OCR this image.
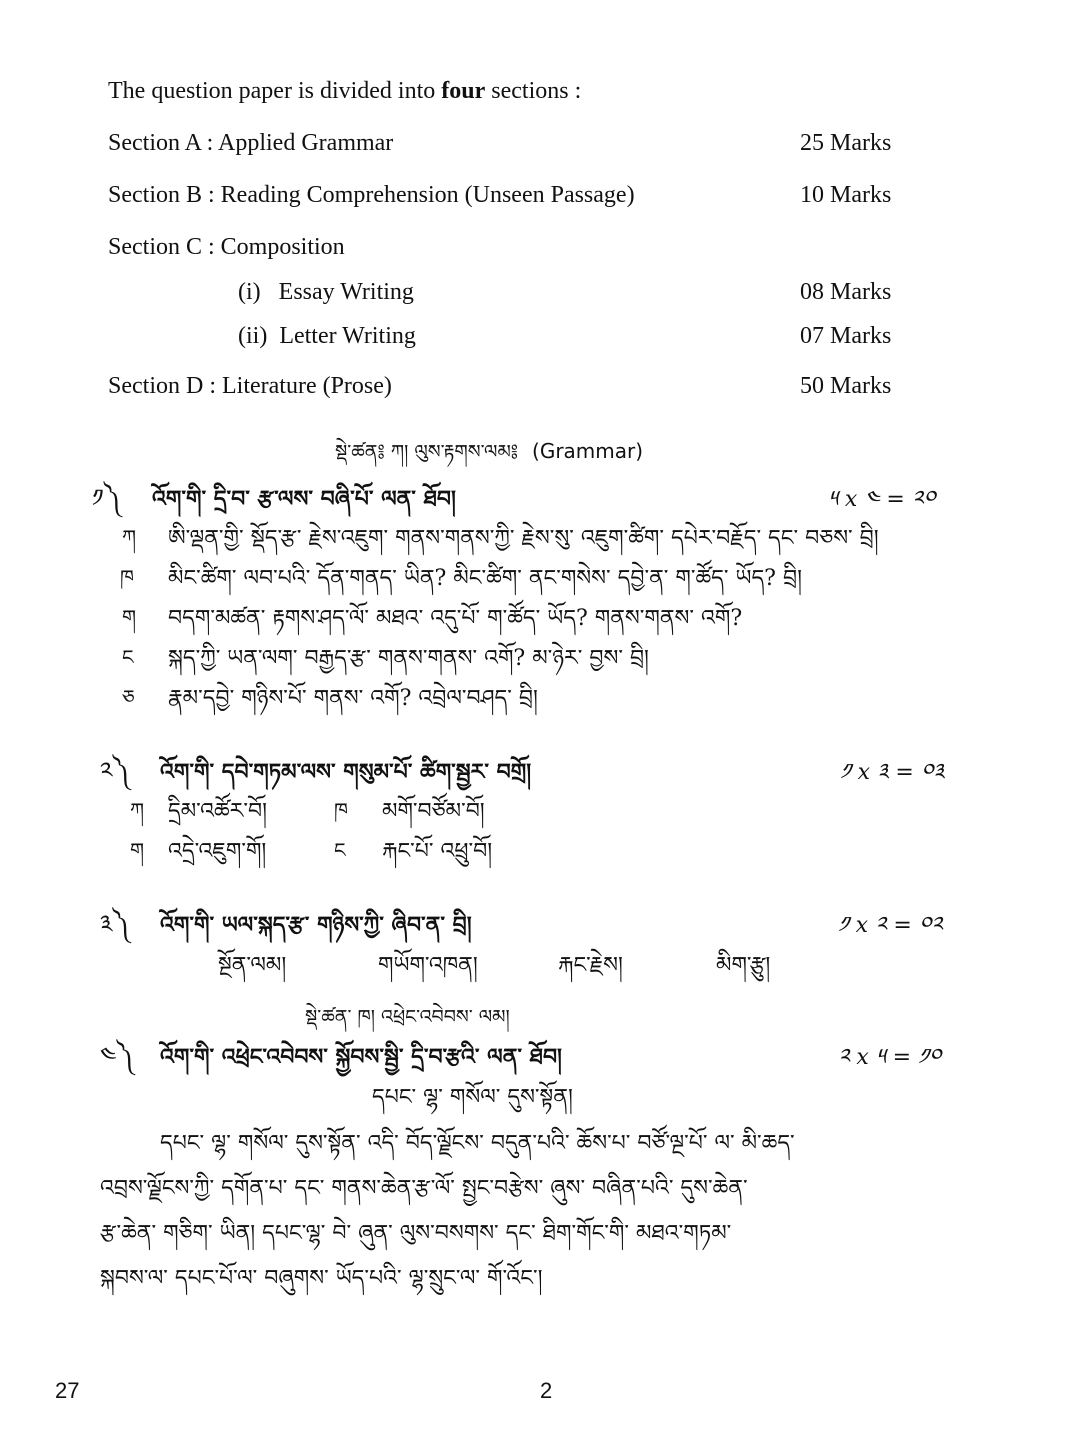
The question paper is divided into four sections :
Section A : Applied Grammar	25 Marks
Section B : Reading Comprehension (Unseen Passage)	10 Marks
Section C : Composition
(i)   Essay Writing	08 Marks
(ii)  Letter Writing	07 Marks
Section D : Literature (Prose)	50 Marks
སྡེ་ཚན༔ ཀ། ལུས་རྟགས་ལམ༔ (Grammar)
༡༽ འོག་གི་ དྲི་བ་ རྩ་ལས་ བཞི་པོ་ ལན་ ཐོབ།	༥ x ༤ = ༢༠
ཀ ཨི་ལྡན་གྱི་ སྡོད་རྩ་ རྗེས་འཇུག་ གནས་གནས་ཀྱི་ རྗེས་སུ་ འཇུག་ཚིག་ དཔེར་བརྗོད་ དང་ བཅས་ བྲི།
ཁ མིང་ཚིག་ ལབ་པའི་ དོན་གནད་ ཡིན? མིང་ཚིག་ ནང་གསེས་ དབྱེ་ན་ ག་ཚོད་ ཡོད? བྲི།
ག བདག་མཚན་ རྟགས་ཤད་ལོ་ མཐའ་ འདུ་པོ་ ག་ཚོད་ ཡོད? གནས་གནས་ འགོ?
ང སྐད་ཀྱི་ ཡན་ལག་ བརྒྱད་རྩ་ གནས་གནས་ འགོ? མ་ཉེར་ བྱས་ བྲི།
ཅ རྣམ་དབྱེ་ གཉིས་པོ་ གནས་ འགོ? འབྲེལ་བཤད་ བྲི།
༢༽ འོག་གི་ དབེ་གཏམ་ལས་ གསུམ་པོ་ ཚིག་སྦྱར་ བགྲོ།	༡ x ༣ = ༠༣
ཀ དྲིམ་འཚོར་བོ།	ཁ མགོ་བཙོམ་བོ།
ག འདྲེ་འཇུག་གོ།	ང རྐང་པོ་ འཕྲུ་བོ།
༣༽ འོག་གི་ ཡལ་སྐད་རྩ་ གཉིས་ཀྱི་ ཞིབ་ན་ བྲི།	༡ x ༢ = ༠༢
སྔོན་ལམ།	གཡོག་འཁན།	རྐང་རྗེས།	མིག་རྩུ།
སྡེ་ཚན་ ཁ། འཕྲེང་འབེབས་ ལམ།
༤༽ འོག་གི་ འཕྲེང་འབེབས་ སྐྱོབས་སྦྱི་ དྲི་བ་རྩའི་ ལན་ ཐོབ།	༢ x ༥ = ༡༠
དཔང་ ལྷ་ གསོལ་ དུས་སྟོན།
དཔང་ ལྷ་ གསོལ་ དུས་སྟོན་ འདི་ བོད་ལྗོངས་ བདུན་པའི་ ཆོས་པ་ བཙོ་ལྔ་པོ་ ལ་ མི་ཆད་
འབྲས་ལྗོངས་ཀྱི་ དགོན་པ་ དང་ གནས་ཆེན་རྩ་ལོ་ སྤྱང་བརྩེས་ ཞུས་ བཞིན་པའི་ དུས་ཆེན་
རྩ་ཆེན་ གཅིག་ ཡིན། དཔང་ལྷ་ བེ་ ཞུན་ ལུས་བསགས་ དང་ ཐིག་གོང་གི་ མཐའ་གཏམ་
སྐབས་ལ་ དཔང་པོ་ལ་ བཞུགས་ ཡོད་པའི་ ལྷ་སྲུང་ལ་ གོ་འོང་།
27	2
